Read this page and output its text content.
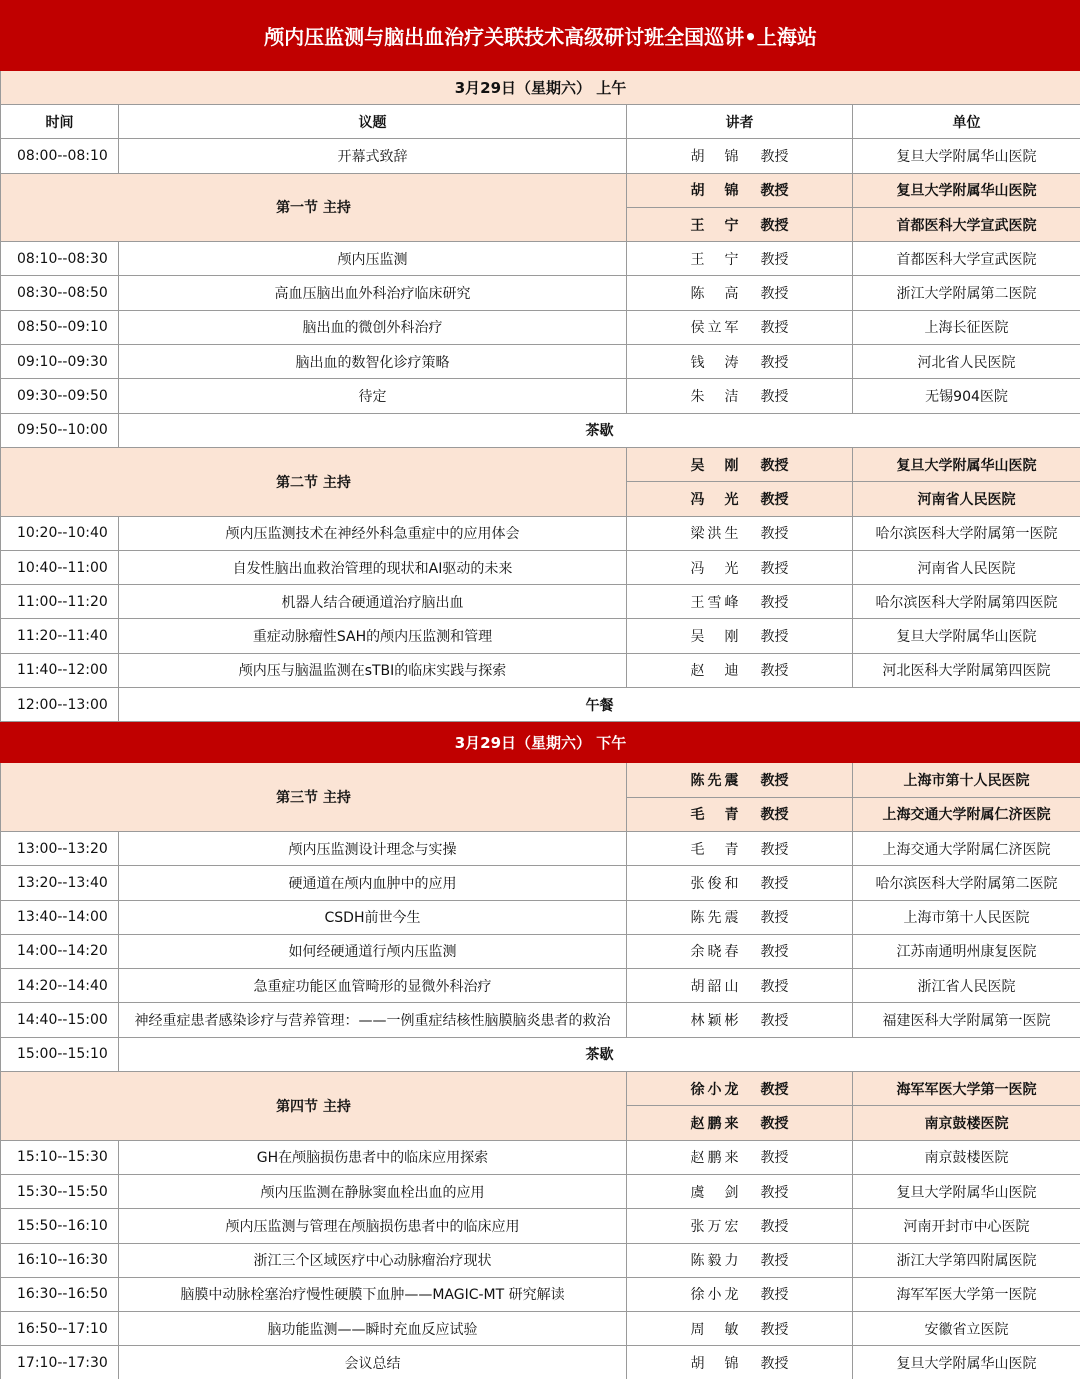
颅内压监测与脑出血治疗关联技术高级研讨班全国巡讲•上海站			
3月29日（星期六） 上午			
时间	议题	讲者	单位
08:00--08:10	开幕式致辞	胡 锦 教授	复旦大学附属华山医院
第一节 主持		胡 锦 教授	复旦大学附属华山医院
		王 宁 教授	首都医科大学宣武医院
08:10--08:30	颅内压监测	王 宁 教授	首都医科大学宣武医院
08:30--08:50	高血压脑出血外科治疗临床研究	陈 高 教授	浙江大学附属第二医院
08:50--09:10	脑出血的微创外科治疗	侯立军 教授	上海长征医院
09:10--09:30	脑出血的数智化诊疗策略	钱 涛 教授	河北省人民医院
09:30--09:50	待定	朱 洁 教授	无锡904医院
09:50--10:00	茶歇		
第二节 主持		吴 刚 教授	复旦大学附属华山医院
		冯 光 教授	河南省人民医院
10:20--10:40	颅内压监测技术在神经外科急重症中的应用体会	梁洪生 教授	哈尔滨医科大学附属第一医院
10:40--11:00	自发性脑出血救治管理的现状和AI驱动的未来	冯 光 教授	河南省人民医院
11:00--11:20	机器人结合硬通道治疗脑出血	王雪峰 教授	哈尔滨医科大学附属第四医院
11:20--11:40	重症动脉瘤性SAH的颅内压监测和管理	吴 刚 教授	复旦大学附属华山医院
11:40--12:00	颅内压与脑温监测在sTBI的临床实践与探索	赵 迪 教授	河北医科大学附属第四医院
12:00--13:00	午餐		
3月29日（星期六） 下午			
第三节 主持		陈先震 教授	上海市第十人民医院
		毛 青 教授	上海交通大学附属仁济医院
13:00--13:20	颅内压监测设计理念与实操	毛 青 教授	上海交通大学附属仁济医院
13:20--13:40	硬通道在颅内血肿中的应用	张俊和 教授	哈尔滨医科大学附属第二医院
13:40--14:00	CSDH前世今生	陈先震 教授	上海市第十人民医院
14:00--14:20	如何经硬通道行颅内压监测	余晓春 教授	江苏南通明州康复医院
14:20--14:40	急重症功能区血管畸形的显微外科治疗	胡韶山 教授	浙江省人民医院
14:40--15:00	神经重症患者感染诊疗与营养管理：——一例重症结核性脑膜脑炎患者的救治	林颖彬 教授	福建医科大学附属第一医院
15:00--15:10	茶歇		
第四节 主持		徐小龙 教授	海军军医大学第一医院
		赵鹏来 教授	南京鼓楼医院
15:10--15:30	GH在颅脑损伤患者中的临床应用探索	赵鹏来 教授	南京鼓楼医院
15:30--15:50	颅内压监测在静脉窦血栓出血的应用	虞 剑 教授	复旦大学附属华山医院
15:50--16:10	颅内压监测与管理在颅脑损伤患者中的临床应用	张万宏 教授	河南开封市中心医院
16:10--16:30	浙江三个区域医疗中心动脉瘤治疗现状	陈毅力 教授	浙江大学第四附属医院
16:30--16:50	脑膜中动脉栓塞治疗慢性硬膜下血肿——MAGIC-MT 研究解读	徐小龙 教授	海军军医大学第一医院
16:50--17:10	脑功能监测——瞬时充血反应试验	周 敏 教授	安徽省立医院
17:10--17:30	会议总结	胡 锦 教授	复旦大学附属华山医院
